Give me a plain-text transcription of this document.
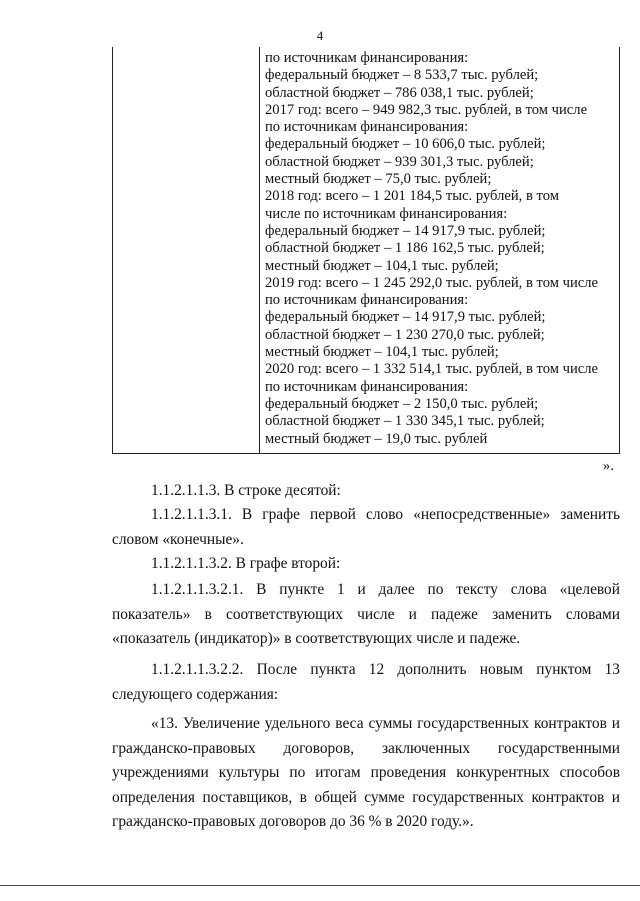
4
по источникам финансирования:
федеральный бюджет – 8 533,7 тыс. рублей;
областной бюджет – 786 038,1 тыс. рублей;
2017 год: всего – 949 982,3 тыс. рублей, в том числе
по источникам финансирования:
федеральный бюджет – 10 606,0 тыс. рублей;
областной бюджет – 939 301,3 тыс. рублей;
местный бюджет – 75,0 тыс. рублей;
2018 год: всего – 1 201 184,5 тыс. рублей, в том
числе по источникам финансирования:
федеральный бюджет – 14 917,9 тыс. рублей;
областной бюджет – 1 186 162,5 тыс. рублей;
местный бюджет – 104,1 тыс. рублей;
2019 год: всего – 1 245 292,0 тыс. рублей, в том числе
по источникам финансирования:
федеральный бюджет – 14 917,9 тыс. рублей;
областной бюджет – 1 230 270,0 тыс. рублей;
местный бюджет – 104,1 тыс. рублей;
2020 год: всего – 1 332 514,1 тыс. рублей, в том числе
по источникам финансирования:
федеральный бюджет – 2 150,0 тыс. рублей;
областной бюджет – 1 330 345,1 тыс. рублей;
местный бюджет – 19,0 тыс. рублей
».
1.1.2.1.1.3. В строке десятой:
1.1.2.1.1.3.1. В графе первой слово «непосредственные» заменить словом «конечные».
1.1.2.1.1.3.2. В графе второй:
1.1.2.1.1.3.2.1. В пункте 1 и далее по тексту слова «целевой показатель» в соответствующих числе и падеже заменить словами «показатель (индикатор)» в соответствующих числе и падеже.
1.1.2.1.1.3.2.2. После пункта 12 дополнить новым пунктом 13 следующего содержания:
«13. Увеличение удельного веса суммы государственных контрактов и гражданско-правовых договоров, заключенных государственными учреждениями культуры по итогам проведения конкурентных способов определения поставщиков, в общей сумме государственных контрактов и гражданско-правовых договоров до 36 % в 2020 году.».
